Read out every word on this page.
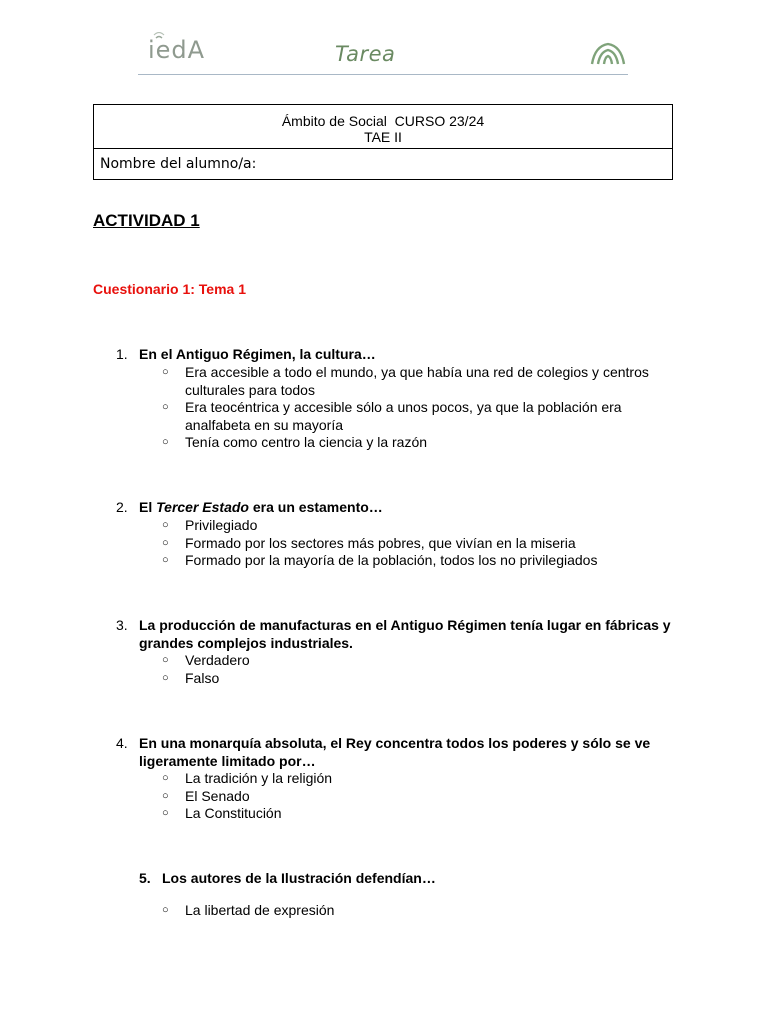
iedA	Tarea
Ámbito de Social  CURSO 23/24
TAE II

Nombre del alumno/a:
ACTIVIDAD 1
Cuestionario 1: Tema 1
1. En el Antiguo Régimen, la cultura…
○ Era accesible a todo el mundo, ya que había una red de colegios y centros culturales para todos
○ Era teocéntrica y accesible sólo a unos pocos, ya que la población era analfabeta en su mayoría
○ Tenía como centro la ciencia y la razón
2. El Tercer Estado era un estamento…
○ Privilegiado
○ Formado por los sectores más pobres, que vivían en la miseria
○ Formado por la mayoría de la población, todos los no privilegiados
3. La producción de manufacturas en el Antiguo Régimen tenía lugar en fábricas y grandes complejos industriales.
○ Verdadero
○ Falso
4. En una monarquía absoluta, el Rey concentra todos los poderes y sólo se ve ligeramente limitado por…
○ La tradición y la religión
○ El Senado
○ La Constitución
5. Los autores de la Ilustración defendían…
○ La libertad de expresión
